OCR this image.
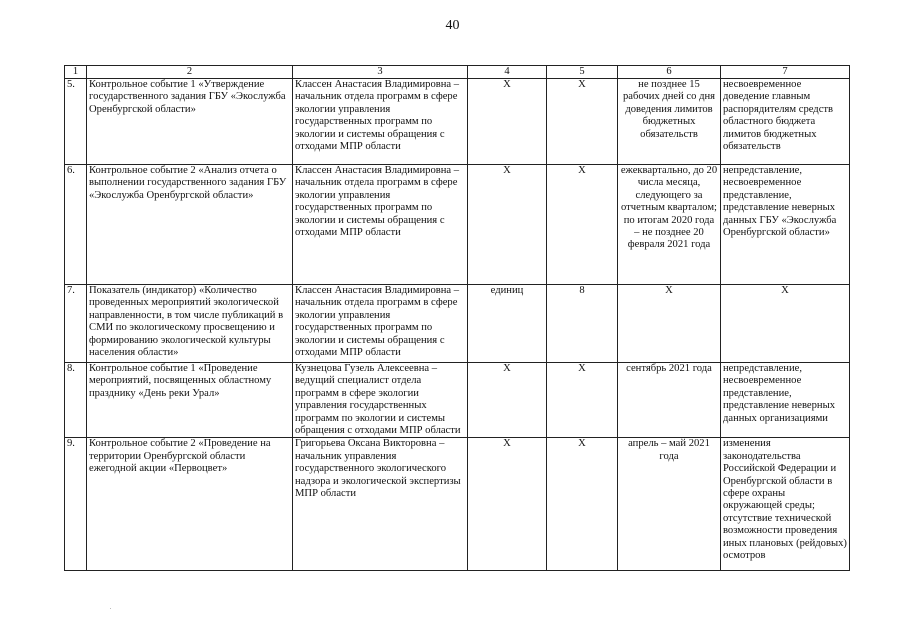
40
1	2	3	4	5	6	7
5.	Контрольное событие 1 «Утверждение государственного задания ГБУ «Экослужба Оренбургской области»	Классен Анастасия Владимировна – начальник отдела программ в сфере экологии управления государственных программ по экологии и системы обращения с отходами МПР области	X	X	не позднее 15 рабочих дней со дня доведения лимитов бюджетных обязательств	несвоевременное доведение главным распорядителям средств областного бюджета лимитов бюджетных обязательств
6.	Контрольное событие 2 «Анализ отчета о выполнении государственного задания ГБУ «Экослужба Оренбургской области»	Классен Анастасия Владимировна – начальник отдела программ в сфере экологии управления государственных программ по экологии и системы обращения с отходами МПР области	X	X	ежеквартально, до 20 числа месяца, следующего за отчетным кварталом; по итогам 2020 года – не позднее 20 февраля 2021 года	непредставление, несвоевременное представление, представление неверных данных ГБУ «Экослужба Оренбургской области»
7.	Показатель (индикатор) «Количество проведенных мероприятий экологической направленности, в том числе публикаций в СМИ по экологическому просвещению и формированию экологической культуры населения области»	Классен Анастасия Владимировна – начальник отдела программ в сфере экологии управления государственных программ по экологии и системы обращения с отходами МПР области	единиц	8	X	X
8.	Контрольное событие 1 «Проведение мероприятий, посвященных областному празднику «День реки Урал»	Кузнецова Гузель Алексеевна – ведущий специалист отдела программ в сфере экологии управления государственных программ по экологии и системы обращения с отходами МПР области	X	X	сентябрь 2021 года	непредставление, несвоевременное представление, представление неверных данных организациями
9.	Контрольное событие 2 «Проведение на территории Оренбургской области ежегодной акции «Первоцвет»	Григорьева Оксана Викторовна – начальник управления государственного экологического надзора и экологической экспертизы МПР области	X	X	апрель – май 2021 года	изменения законодательства Российской Федерации и Оренбургской области в сфере охраны окружающей среды; отсутствие технической возможности проведения иных плановых (рейдовых) осмотров
